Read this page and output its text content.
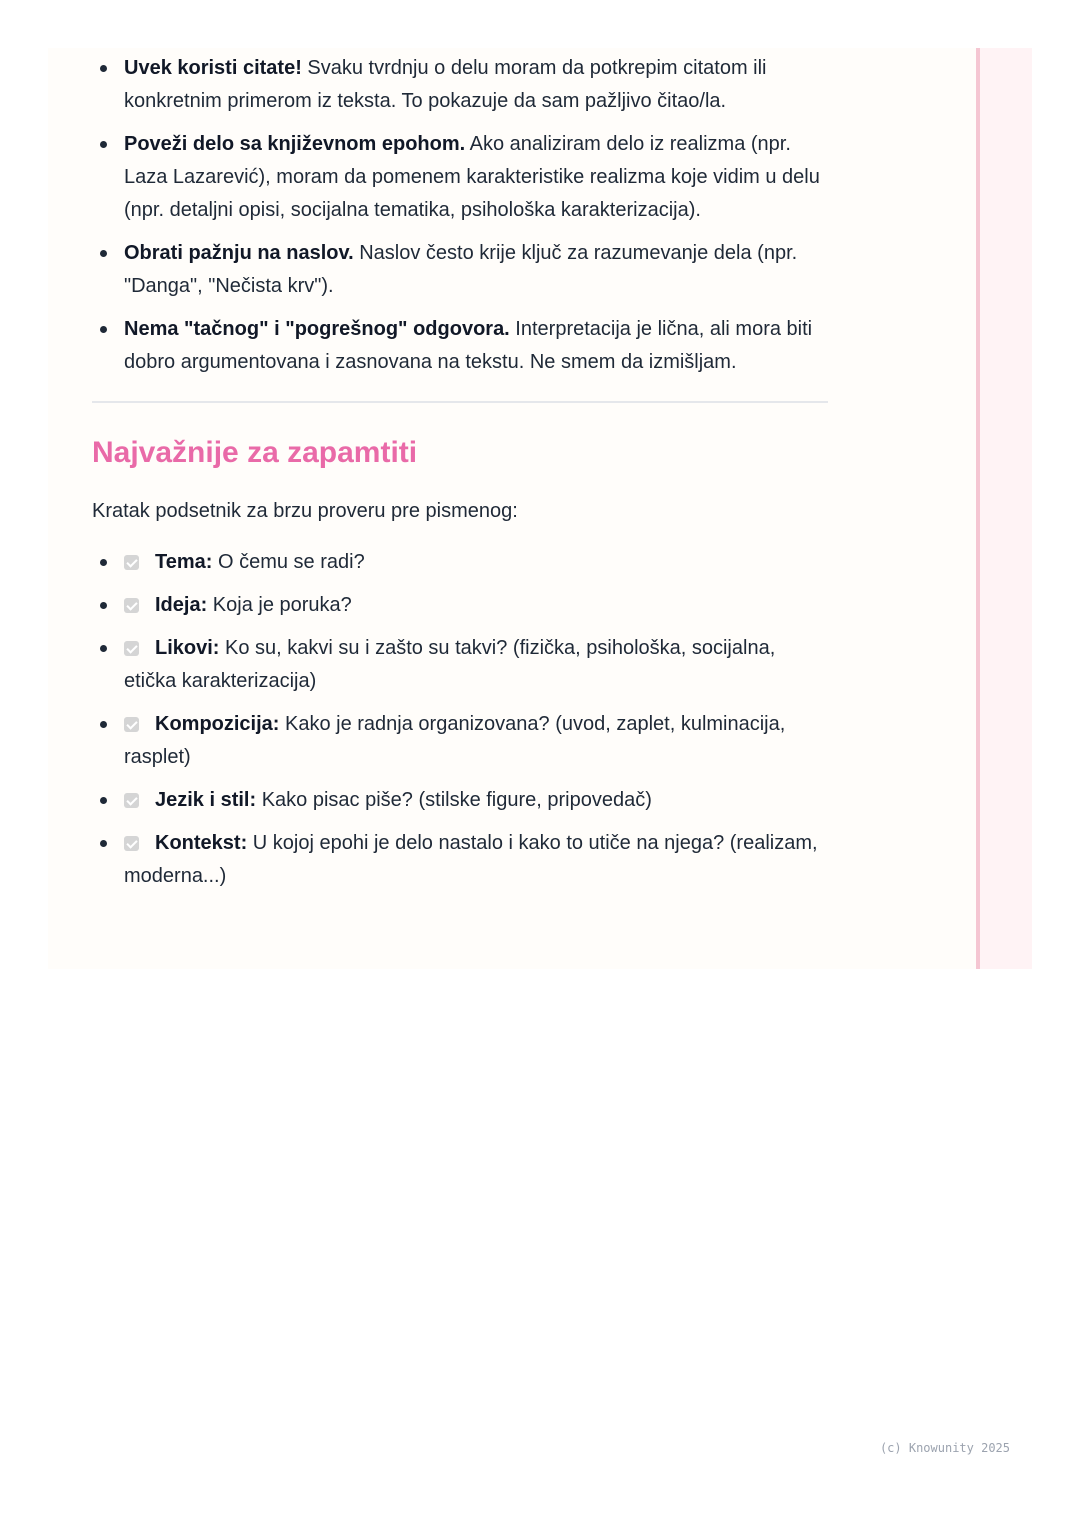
Uvek koristi citate! Svaku tvrdnju o delu moram da potkrepim citatom ili konkretnim primerom iz teksta. To pokazuje da sam pažljivo čitao/la.
Poveži delo sa književnom epohom. Ako analiziram delo iz realizma (npr. Laza Lazarević), moram da pomenem karakteristike realizma koje vidim u delu (npr. detaljni opisi, socijalna tematika, psihološka karakterizacija).
Obrati pažnju na naslov. Naslov često krije ključ za razumevanje dela (npr. "Danga", "Nečista krv").
Nema "tačnog" i "pogrešnog" odgovora. Interpretacija je lična, ali mora biti dobro argumentovana i zasnovana na tekstu. Ne smem da izmišljam.
Najvažnije za zapamtiti

Kratak podsetnik za brzu proveru pre pismenog:

Tema: O čemu se radi?
Ideja: Koja je poruka?
Likovi: Ko su, kakvi su i zašto su takvi? (fizička, psihološka, socijalna, etička karakterizacija)
Kompozicija: Kako je radnja organizovana? (uvod, zaplet, kulminacija, rasplet)
Jezik i stil: Kako pisac piše? (stilske figure, pripovedač)
Kontekst: U kojoj epohi je delo nastalo i kako to utiče na njega? (realizam, moderna...)
(c) Knowunity 2025
